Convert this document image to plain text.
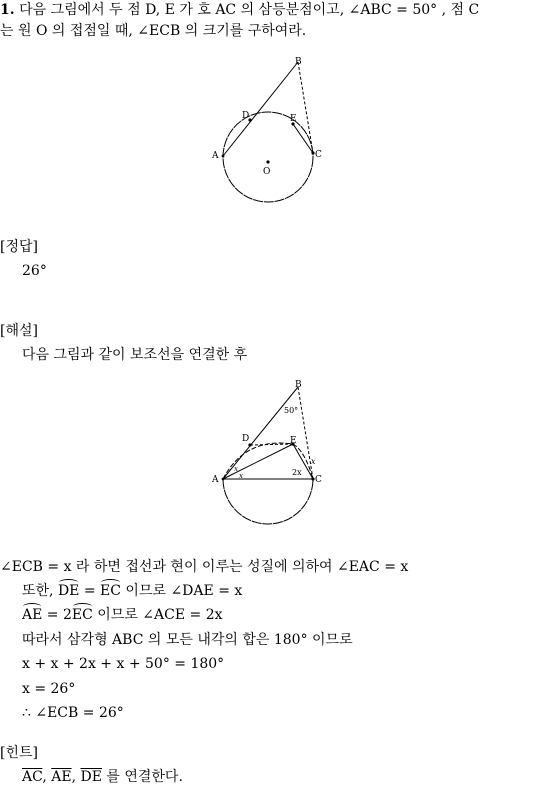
1. 다음 그림에서 두 점 D, E 가 호 AC 의 삼등분점이고, ∠ABC = 50° , 점 C
는 원 O 의 접점일 때, ∠ECB 의 크기를 구하여라.
B
D	E
A	C
O
[정답]
26°
[해설]
다음 그림과 같이 보조선을 연결한 후
B
D	E
A	C
50°
2x
x
x
x
∠ECB = x 라 하면 접선과 현이 이루는 성질에 의하여 ∠EAC = x
또한, DE = EC 이므로 ∠DAE = x
AE = 2EC 이므로 ∠ACE = 2x
따라서 삼각형 ABC 의 모든 내각의 합은 180° 이므로
x + x + 2x + x + 50° = 180°
x = 26°
∴ ∠ECB = 26°
[힌트]
$\overline{AC}$, $\overline{AE}$, $\overline{DE}$ 를 연결한다.
